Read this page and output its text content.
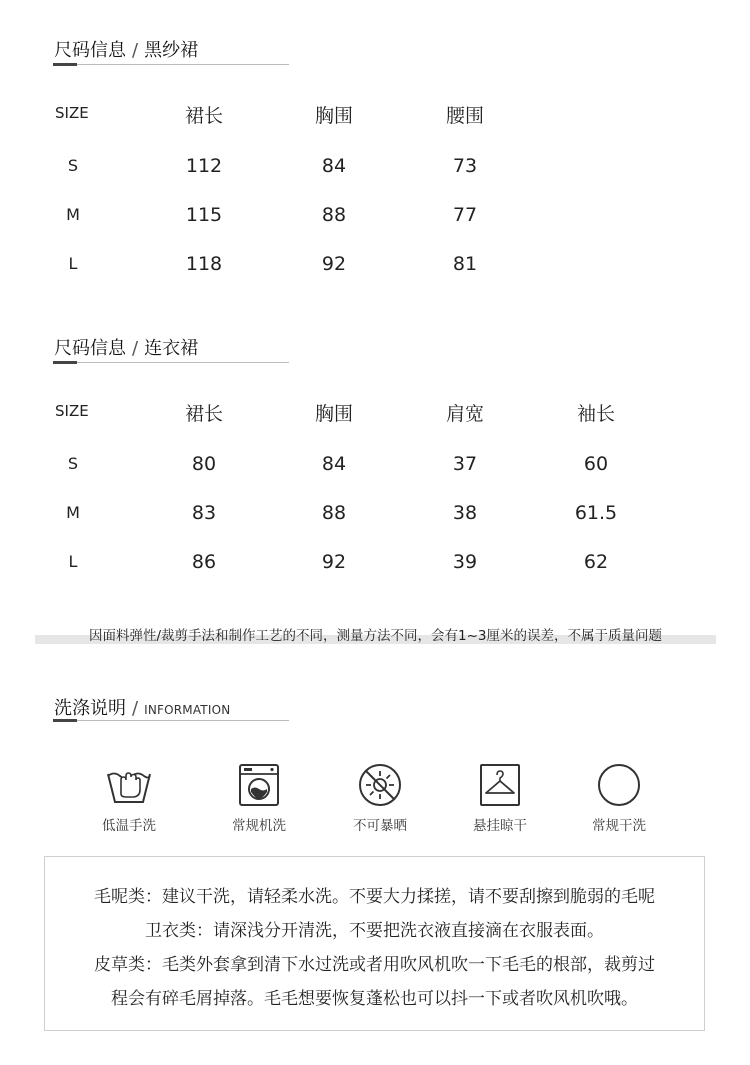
尺码信息 / 黑纱裙
SIZE	裙长	胸围	腰围
S	112	84	73
M	115	88	77
L	118	92	81
尺码信息 / 连衣裙
SIZE	裙长	胸围	肩宽	袖长
S	80	84	37	60
M	83	88	38	61.5
L	86	92	39	62
因面料弹性/裁剪手法和制作工艺的不同，测量方法不同，会有1~3厘米的误差，不属于质量问题
洗涤说明 / INFORMATION
低温手洗	常规机洗	不可暴晒	悬挂晾干	常规干洗
毛呢类：建议干洗，请轻柔水洗。不要大力揉搓，请不要刮擦到脆弱的毛呢
卫衣类：请深浅分开清洗，不要把洗衣液直接滴在衣服表面。
皮草类：毛类外套拿到清下水过洗或者用吹风机吹一下毛毛的根部，裁剪过
程会有碎毛屑掉落。毛毛想要恢复蓬松也可以抖一下或者吹风机吹哦。
